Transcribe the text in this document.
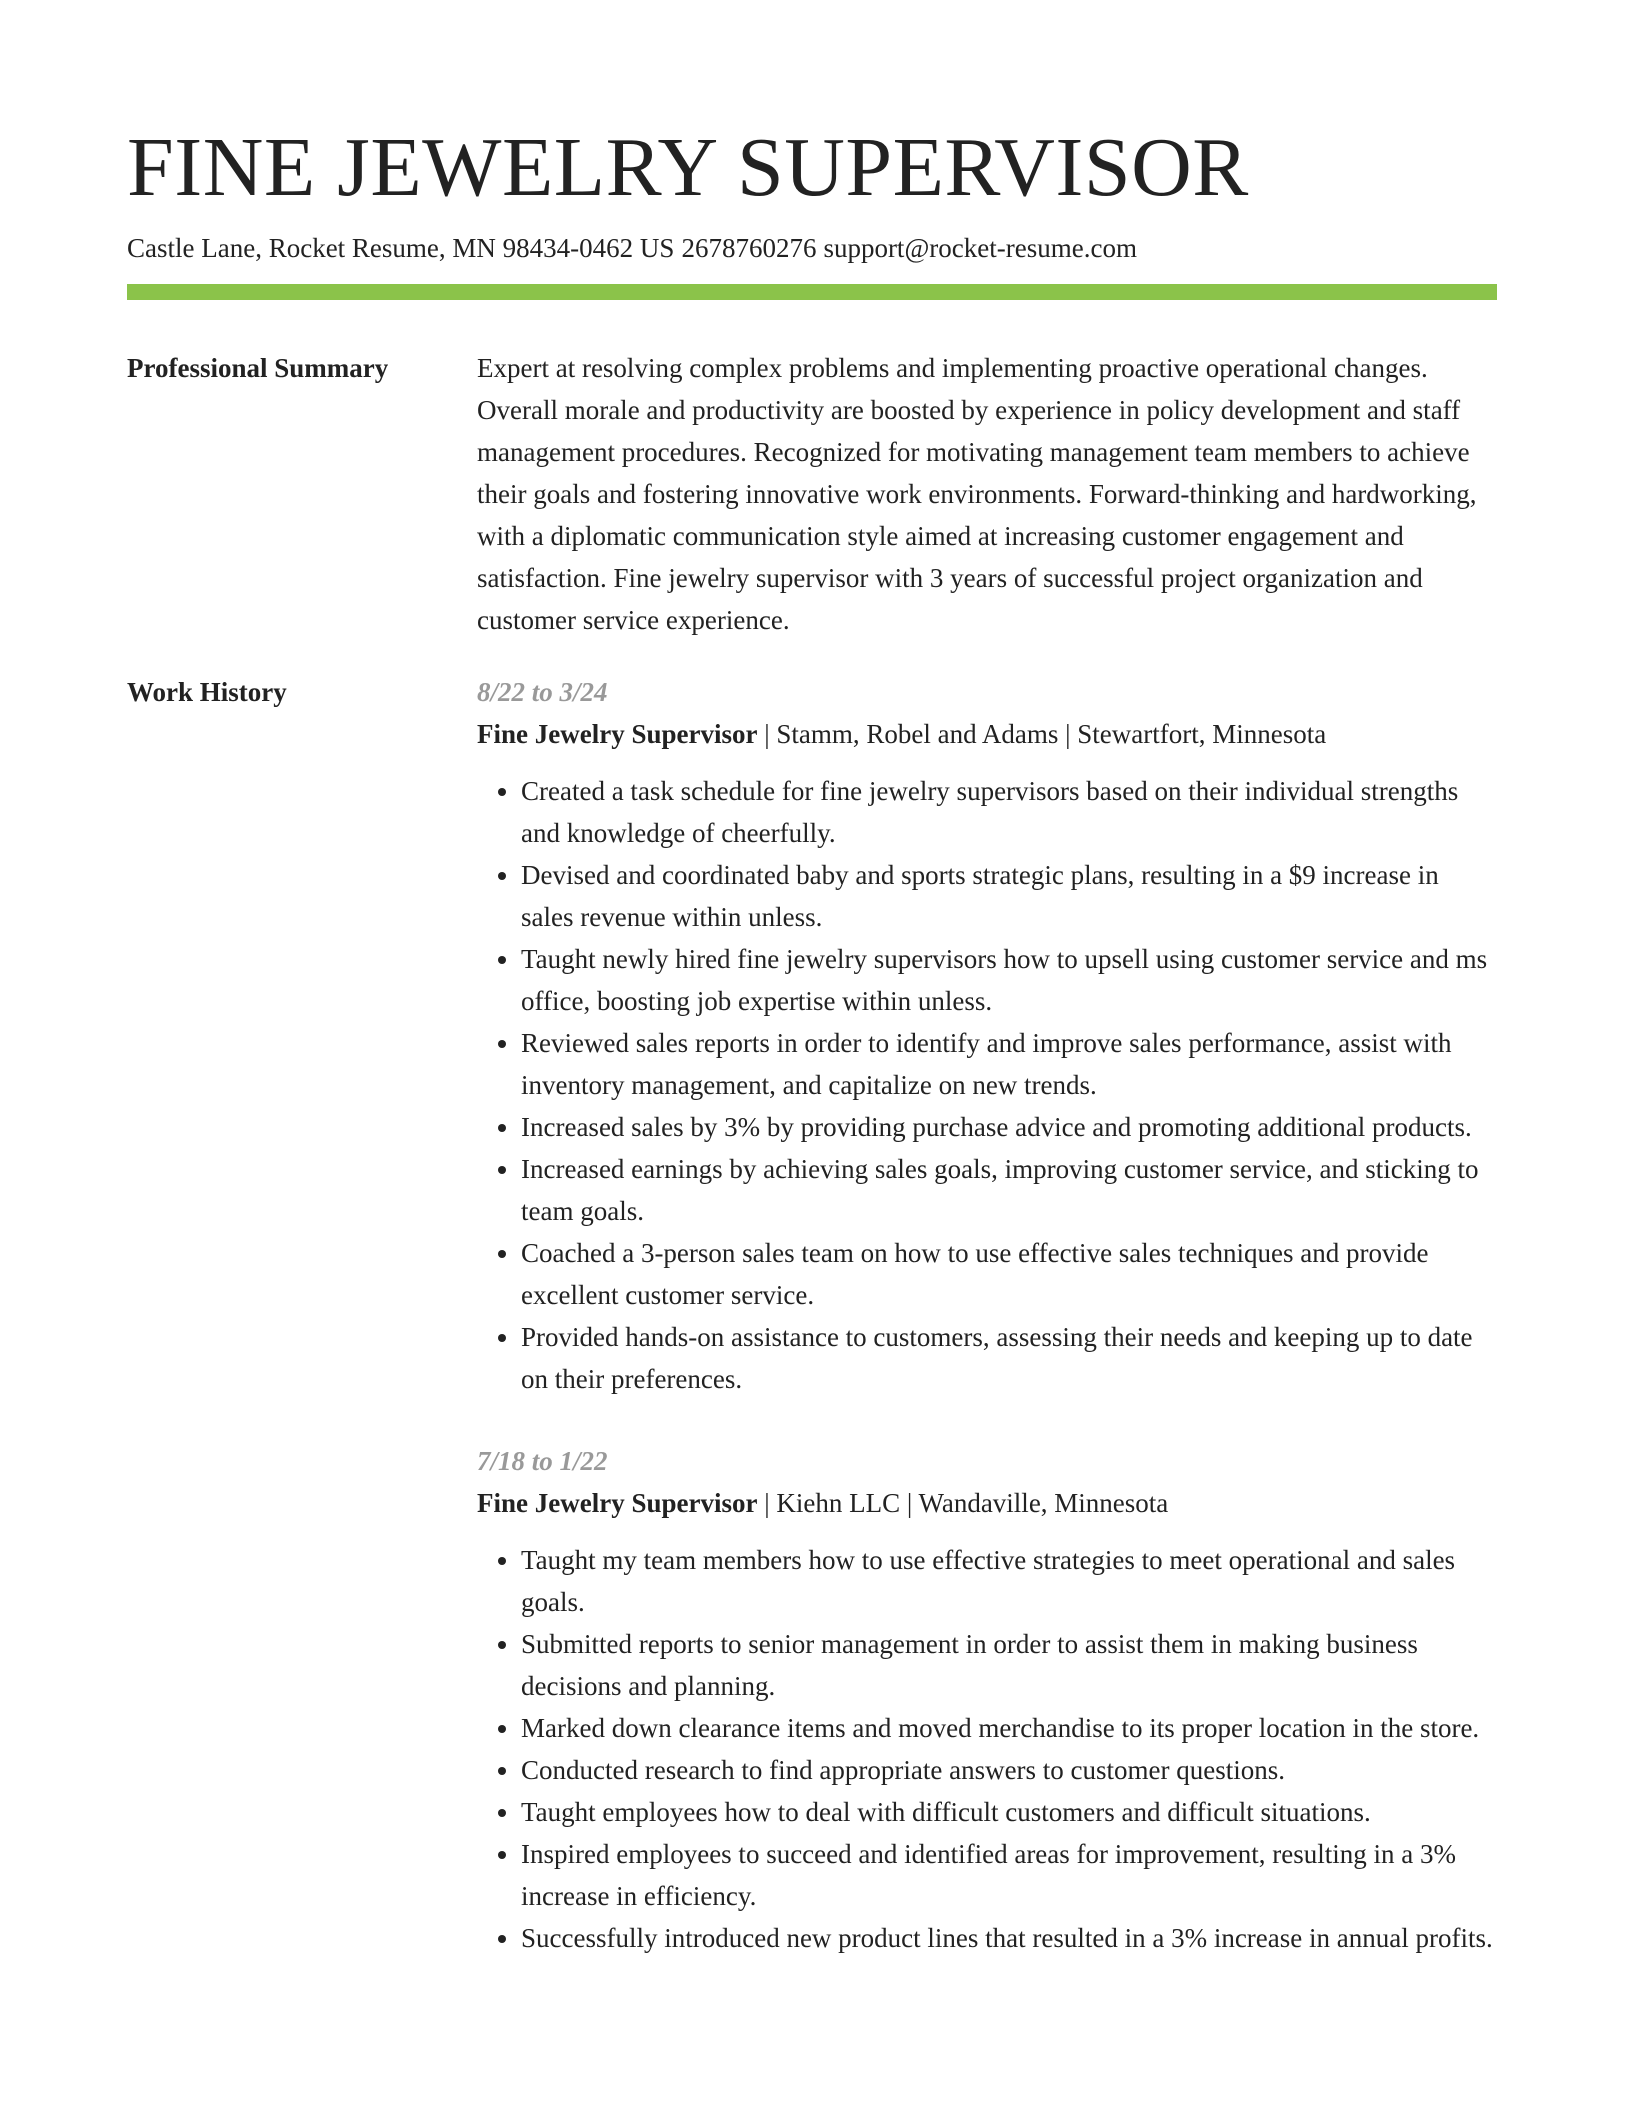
FINE JEWELRY SUPERVISOR
Castle Lane, Rocket Resume, MN 98434-0462 US 2678760276 support@rocket-resume.com
Professional Summary	Expert at resolving complex problems and implementing proactive operational changes. Overall morale and productivity are boosted by experience in policy development and staff management procedures. Recognized for motivating management team members to achieve their goals and fostering innovative work environments. Forward-thinking and hardworking, with a diplomatic communication style aimed at increasing customer engagement and satisfaction. Fine jewelry supervisor with 3 years of successful project organization and customer service experience.

Work History	8/22 to 3/24

Fine Jewelry Supervisor | Stamm, Robel and Adams | Stewartfort, Minnesota

• Created a task schedule for fine jewelry supervisors based on their individual strengths and knowledge of cheerfully.
• Devised and coordinated baby and sports strategic plans, resulting in a $9 increase in sales revenue within unless.
• Taught newly hired fine jewelry supervisors how to upsell using customer service and ms office, boosting job expertise within unless.
• Reviewed sales reports in order to identify and improve sales performance, assist with inventory management, and capitalize on new trends.
• Increased sales by 3% by providing purchase advice and promoting additional products.
• Increased earnings by achieving sales goals, improving customer service, and sticking to team goals.
• Coached a 3-person sales team on how to use effective sales techniques and provide excellent customer service.
• Provided hands-on assistance to customers, assessing their needs and keeping up to date on their preferences.

7/18 to 1/22

Fine Jewelry Supervisor | Kiehn LLC | Wandaville, Minnesota

• Taught my team members how to use effective strategies to meet operational and sales goals.
• Submitted reports to senior management in order to assist them in making business decisions and planning.
• Marked down clearance items and moved merchandise to its proper location in the store.
• Conducted research to find appropriate answers to customer questions.
• Taught employees how to deal with difficult customers and difficult situations.
• Inspired employees to succeed and identified areas for improvement, resulting in a 3% increase in efficiency.
• Successfully introduced new product lines that resulted in a 3% increase in annual profits.
